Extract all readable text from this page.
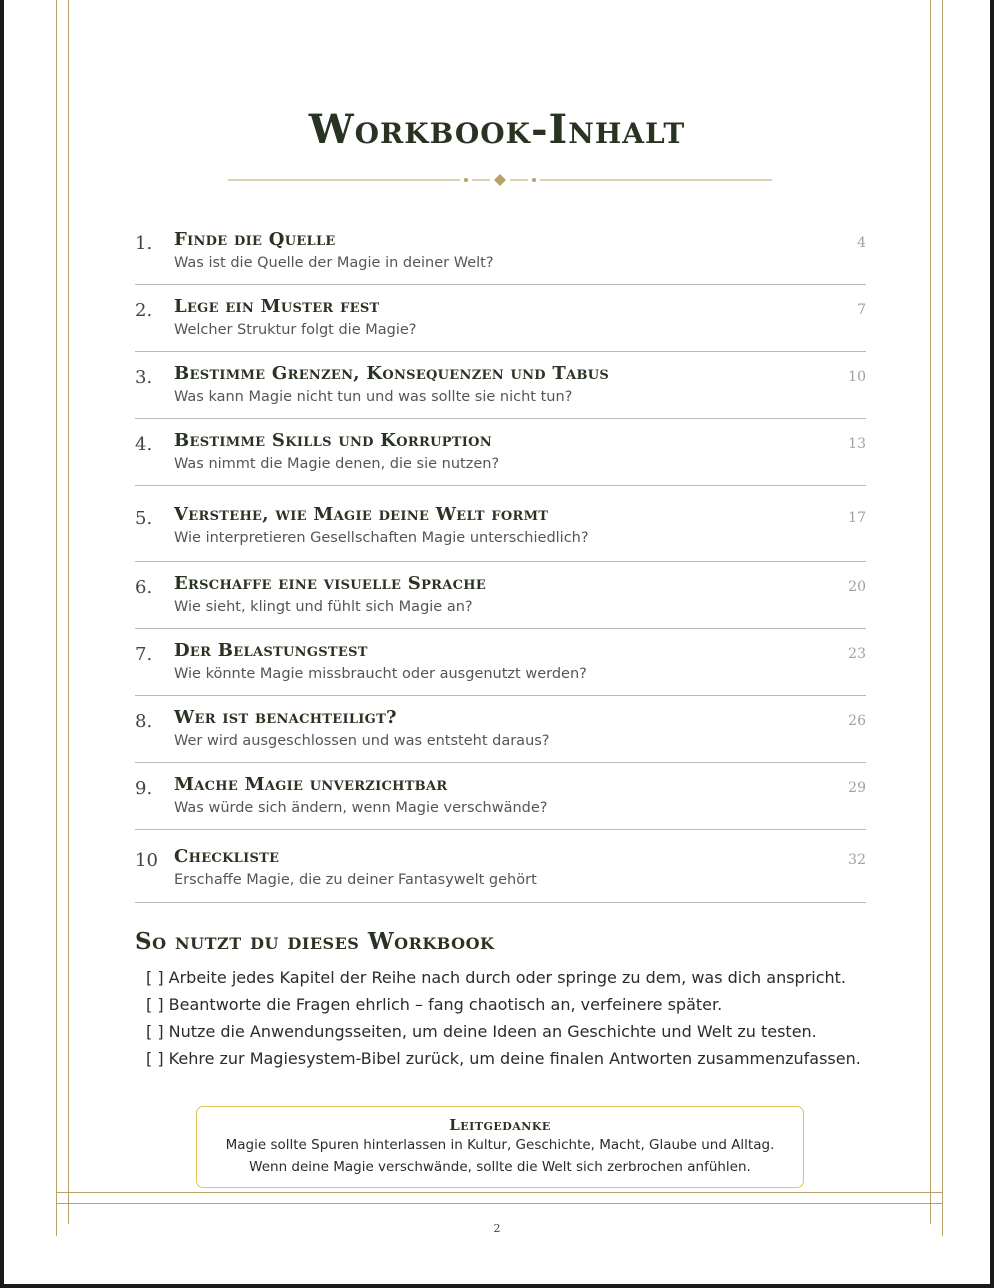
Workbook-Inhalt
1. Finde die Quelle
Was ist die Quelle der Magie in deiner Welt?
4
2. Lege ein Muster fest
Welcher Struktur folgt die Magie?
7
3. Bestimme Grenzen, Konsequenzen und Tabus
Was kann Magie nicht tun und was sollte sie nicht tun?
10
4. Bestimme Skills und Korruption
Was nimmt die Magie denen, die sie nutzen?
13
5. Verstehe, wie Magie deine Welt formt
Wie interpretieren Gesellschaften Magie unterschiedlich?
17
6. Erschaffe eine visuelle Sprache
Wie sieht, klingt und fühlt sich Magie an?
20
7. Der Belastungstest
Wie könnte Magie missbraucht oder ausgenutzt werden?
23
8. Wer ist benachteiligt?
Wer wird ausgeschlossen und was entsteht daraus?
26
9. Mache Magie unverzichtbar
Was würde sich ändern, wenn Magie verschwände?
29
10 Checkliste
Erschaffe Magie, die zu deiner Fantasywelt gehört
32
So nutzt du dieses Workbook
[ ] Arbeite jedes Kapitel der Reihe nach durch oder springe zu dem, was dich anspricht.
[ ] Beantworte die Fragen ehrlich – fang chaotisch an, verfeinere später.
[ ] Nutze die Anwendungsseiten, um deine Ideen an Geschichte und Welt zu testen.
[ ] Kehre zur Magiesystem-Bibel zurück, um deine finalen Antworten zusammenzufassen.
Leitgedanke
Magie sollte Spuren hinterlassen in Kultur, Geschichte, Macht, Glaube und Alltag.
Wenn deine Magie verschwände, sollte die Welt sich zerbrochen anfühlen.
2
